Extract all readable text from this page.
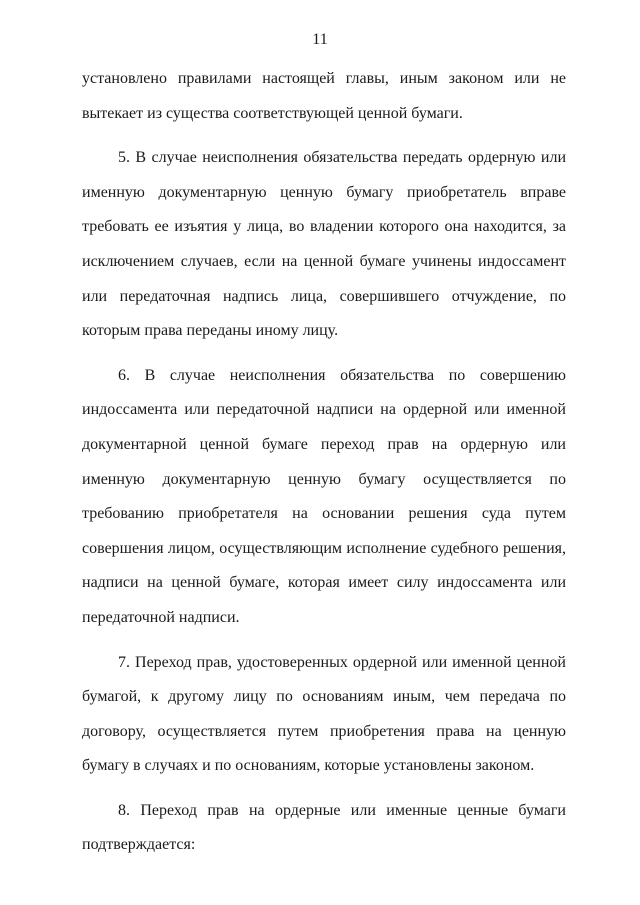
11

установлено правилами настоящей главы, иным законом или не вытекает из существа соответствующей ценной бумаги.

5. В случае неисполнения обязательства передать ордерную или именную документарную ценную бумагу приобретатель вправе требовать ее изъятия у лица, во владении которого она находится, за исключением случаев, если на ценной бумаге учинены индоссамент или передаточная надпись лица, совершившего отчуждение, по которым права переданы иному лицу.

6. В случае неисполнения обязательства по совершению индоссамента или передаточной надписи на ордерной или именной документарной ценной бумаге переход прав на ордерную или именную документарную ценную бумагу осуществляется по требованию приобретателя на основании решения суда путем совершения лицом, осуществляющим исполнение судебного решения, надписи на ценной бумаге, которая имеет силу индоссамента или передаточной надписи.

7. Переход прав, удостоверенных ордерной или именной ценной бумагой, к другому лицу по основаниям иным, чем передача по договору, осуществляется путем приобретения права на ценную бумагу в случаях и по основаниям, которые установлены законом.

8. Переход прав на ордерные или именные ценные бумаги подтверждается:
